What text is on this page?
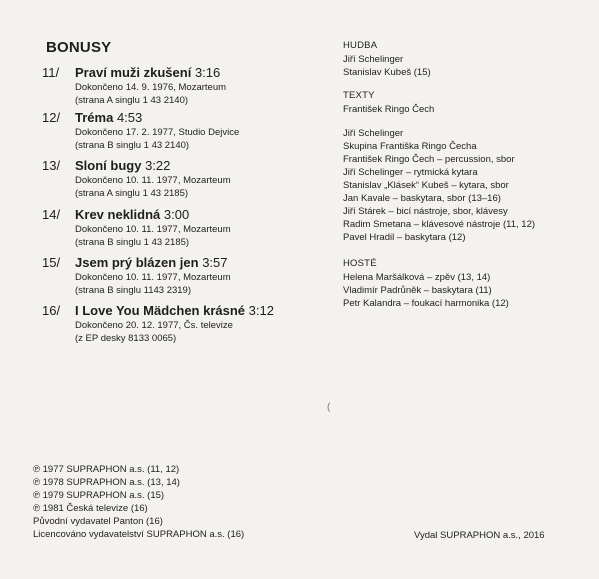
BONUSY
11/ Praví muži zkušení 3:16
Dokončeno 14. 9. 1976, Mozarteum
(strana A singlu 1 43 2140)
12/ Tréma 4:53
Dokončeno 17. 2. 1977, Studio Dejvice
(strana B singlu 1 43 2140)
13/ Sloní bugy 3:22
Dokončeno 10. 11. 1977, Mozarteum
(strana A singlu 1 43 2185)
14/ Krev neklidná 3:00
Dokončeno 10. 11. 1977, Mozarteum
(strana B singlu 1 43 2185)
15/ Jsem prý blázen jen 3:57
Dokončeno 10. 11. 1977, Mozarteum
(strana B singlu 1143 2319)
16/ I Love You Mädchen krásné 3:12
Dokončeno 20. 12. 1977, Čs. televize
(z EP desky 8133 0065)
HUDBA
Jiří Schelinger
Stanislav Kubeš (15)
TEXTY
František Ringo Čech
Jiří Schelinger
Skupina Františka Ringo Čecha
František Ringo Čech – percussion, sbor
Jiří Schelinger – rytmická kytara
Stanislav „Klásek“ Kubeš – kytara, sbor
Jan Kavale – baskytara, sbor (13–16)
Jiří Stárek – bicí nástroje, sbor, klávesy
Radim Smetana – klávesové nástroje (11, 12)
Pavel Hradil – baskytara (12)
HOSTÉ
Helena Maršálková – zpěv (13, 14)
Vladimír Padrůněk – baskytara (11)
Petr Kalandra – foukací harmonika (12)
℗ 1977 SUPRAPHON a.s. (11, 12)
℗ 1978 SUPRAPHON a.s. (13, 14)
℗ 1979 SUPRAPHON a.s. (15)
℗ 1981 Česká televize (16)
Původní vydavatel Panton (16)
Licencováno vydavatelství SUPRAPHON a.s. (16)	Vydal SUPRAPHON a.s., 2016
(
